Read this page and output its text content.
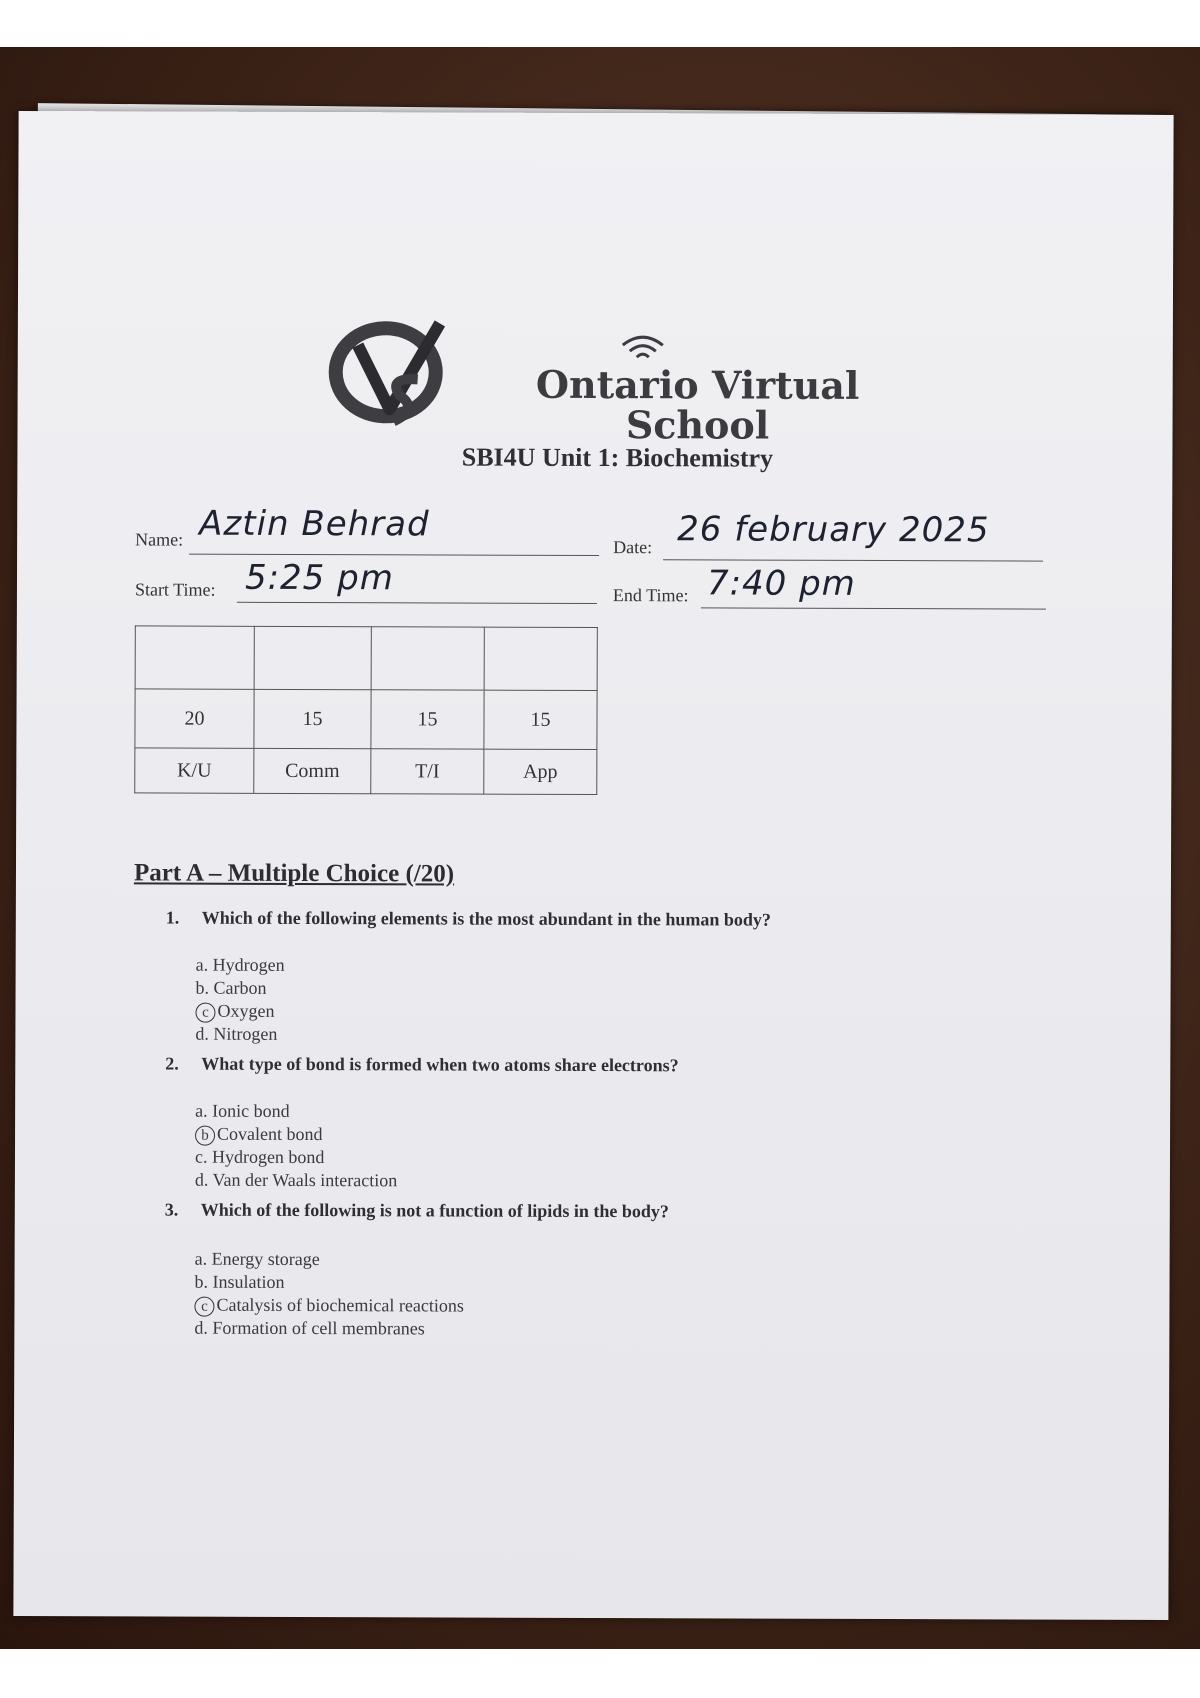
Ontario Virtual
School
SBI4U Unit 1: Biochemistry
Name: Aztin Behrad
Date: 26 february 2025
Start Time: 5:25 pm	End Time: 7:40 pm

20	15	15	15
K/U	Comm	T/I	App
Part A – Multiple Choice (/20)
1. Which of the following elements is the most abundant in the human body?
a. Hydrogen
b. Carbon
c Oxygen
d. Nitrogen
2. What type of bond is formed when two atoms share electrons?
a. Ionic bond
b Covalent bond
c. Hydrogen bond
d. Van der Waals interaction
3. Which of the following is not a function of lipids in the body?
a. Energy storage
b. Insulation
c Catalysis of biochemical reactions
d. Formation of cell membranes
